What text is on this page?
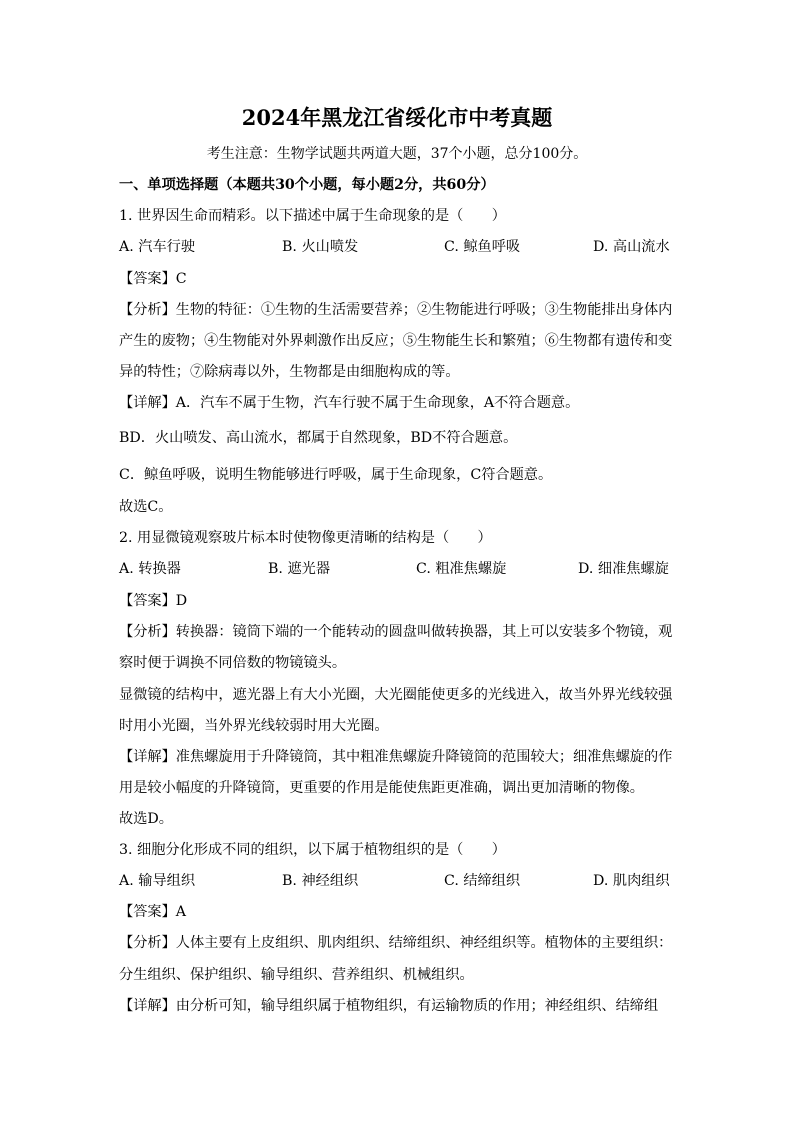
2024年黑龙江省绥化市中考真题
考生注意：生物学试题共两道大题，37个小题，总分100分。
一、单项选择题（本题共30个小题，每小题2分，共60分）
1. 世界因生命而精彩。以下描述中属于生命现象的是（　　）
A. 汽车行驶	B. 火山喷发	C. 鲸鱼呼吸	D. 高山流水
【答案】C
【分析】生物的特征：①生物的生活需要营养；②生物能进行呼吸；③生物能排出身体内
产生的废物；④生物能对外界刺激作出反应；⑤生物能生长和繁殖；⑥生物都有遗传和变
异的特性；⑦除病毒以外，生物都是由细胞构成的等。
【详解】A．汽车不属于生物，汽车行驶不属于生命现象，A不符合题意。
BD．火山喷发、高山流水，都属于自然现象，BD不符合题意。
C．鲸鱼呼吸，说明生物能够进行呼吸，属于生命现象，C符合题意。
故选C。
2. 用显微镜观察玻片标本时使物像更清晰的结构是（　　）
A. 转换器	B. 遮光器	C. 粗准焦螺旋	D. 细准焦螺旋
【答案】D
【分析】转换器：镜筒下端的一个能转动的圆盘叫做转换器，其上可以安装多个物镜，观
察时便于调换不同倍数的物镜镜头。
显微镜的结构中，遮光器上有大小光圈，大光圈能使更多的光线进入，故当外界光线较强
时用小光圈，当外界光线较弱时用大光圈。
【详解】准焦螺旋用于升降镜筒，其中粗准焦螺旋升降镜筒的范围较大；细准焦螺旋的作
用是较小幅度的升降镜筒，更重要的作用是能使焦距更准确，调出更加清晰的物像。
故选D。
3. 细胞分化形成不同的组织，以下属于植物组织的是（　　）
A. 输导组织	B. 神经组织	C. 结缔组织	D. 肌肉组织
【答案】A
【分析】人体主要有上皮组织、肌肉组织、结缔组织、神经组织等。植物体的主要组织：
分生组织、保护组织、输导组织、营养组织、机械组织。
【详解】由分析可知，输导组织属于植物组织，有运输物质的作用；神经组织、结缔组
